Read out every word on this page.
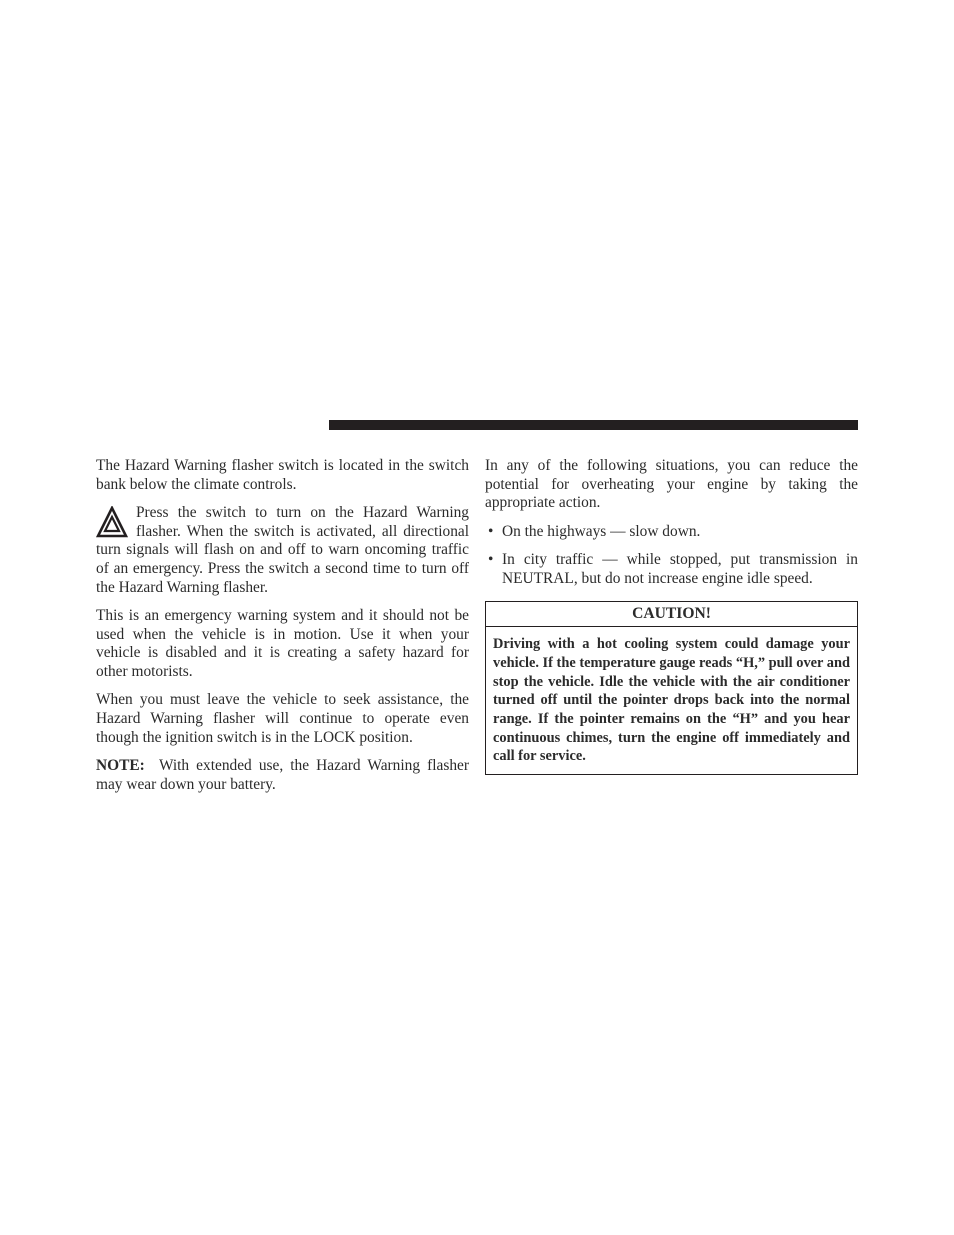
The Hazard Warning flasher switch is located in the switch bank below the climate controls.

Press the switch to turn on the Hazard Warning flasher. When the switch is activated, all directional turn signals will flash on and off to warn oncoming traffic of an emergency. Press the switch a second time to turn off the Hazard Warning flasher.

This is an emergency warning system and it should not be used when the vehicle is in motion. Use it when your vehicle is disabled and it is creating a safety hazard for other motorists.

When you must leave the vehicle to seek assistance, the Hazard Warning flasher will continue to operate even though the ignition switch is in the LOCK position.

NOTE: With extended use, the Hazard Warning flasher may wear down your battery.

In any of the following situations, you can reduce the potential for overheating your engine by taking the appropriate action.

• On the highways — slow down.
• In city traffic — while stopped, put transmission in NEUTRAL, but do not increase engine idle speed.
CAUTION!
Driving with a hot cooling system could damage your vehicle. If the temperature gauge reads “H,” pull over and stop the vehicle. Idle the vehicle with the air conditioner turned off until the pointer drops back into the normal range. If the pointer remains on the “H” and you hear continuous chimes, turn the engine off immediately and call for service.
